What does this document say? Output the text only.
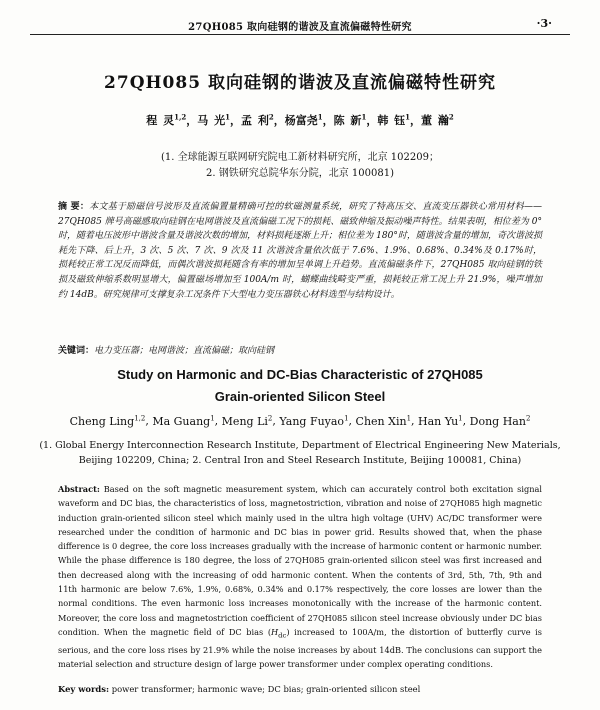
27QH085 取向硅钢的谐波及直流偏磁特性研究	·3·
27QH085 取向硅钢的谐波及直流偏磁特性研究
程 灵$^{1,2}$，马 光$^1$，孟 利$^2$，杨富尧$^1$，陈 新$^1$，韩 钰$^1$，董 瀚$^2$
(1. 全球能源互联网研究院电工新材料研究所，北京 102209；
2. 钢铁研究总院华东分院，北京 100081)
摘 要：本文基于励磁信号波形及直流偏置量精确可控的软磁测量系统，研究了特高压交、直流变压器铁心常用材料——27QH085 牌号高磁感取向硅钢在电网谐波及直流偏磁工况下的损耗、磁致伸缩及振动噪声特性。结果表明，相位差为 0°时，随着电压波形中谐波含量及谐波次数的增加，材料损耗逐渐上升；相位差为 180°时，随谐波含量的增加，奇次谐波损耗先下降、后上升，3 次、5 次、7 次、9 次及 11 次谐波含量依次低于 7.6%、1.9%、0.68%、0.34%及 0.17%时，损耗较正常工况反而降低，而偶次谐波损耗随含有率的增加呈单调上升趋势。直流偏磁条件下，27QH085 取向硅钢的铁损及磁致伸缩系数明显增大，偏置磁场增加至 100A/m 时，蝴蝶曲线畸变严重，损耗较正常工况上升 21.9%，噪声增加约 14dB。研究规律可支撑复杂工况条件下大型电力变压器铁心材料选型与结构设计。
关键词：电力变压器；电网谐波；直流偏磁；取向硅钢
Study on Harmonic and DC-Bias Characteristic of 27QH085
Grain-oriented Silicon Steel
Cheng Ling$^{1,2}$, Ma Guang$^1$, Meng Li$^2$, Yang Fuyao$^1$, Chen Xin$^1$, Han Yu$^1$, Dong Han$^2$
(1. Global Energy Interconnection Research Institute, Department of Electrical Engineering New Materials,
Beijing 102209, China; 2. Central Iron and Steel Research Institute, Beijing 100081, China)
Abstract: Based on the soft magnetic measurement system, which can accurately control both excitation signal waveform and DC bias, the characteristics of loss, magnetostriction, vibration and noise of 27QH085 high magnetic induction grain-oriented silicon steel which mainly used in the ultra high voltage (UHV) AC/DC transformer were researched under the condition of harmonic and DC bias in power grid. Results showed that, when the phase difference is 0 degree, the core loss increases gradually with the increase of harmonic content or harmonic number. While the phase difference is 180 degree, the loss of 27QH085 grain-oriented silicon steel was first increased and then decreased along with the increasing of odd harmonic content. When the contents of 3rd, 5th, 7th, 9th and 11th harmonic are below 7.6%, 1.9%, 0.68%, 0.34% and 0.17% respectively, the core losses are lower than the normal conditions. The even harmonic loss increases monotonically with the increase of the harmonic content. Moreover, the core loss and magnetostriction coefficient of 27QH085 silicon steel increase obviously under DC bias condition. When the magnetic field of DC bias $(H_{dc})$ increased to 100A/m, the distortion of butterfly curve is serious, and the core loss rises by 21.9% while the noise increases by about 14dB. The conclusions can support the material selection and structure design of large power transformer under complex operating conditions.
Key words: power transformer; harmonic wave; DC bias; grain-oriented silicon steel
